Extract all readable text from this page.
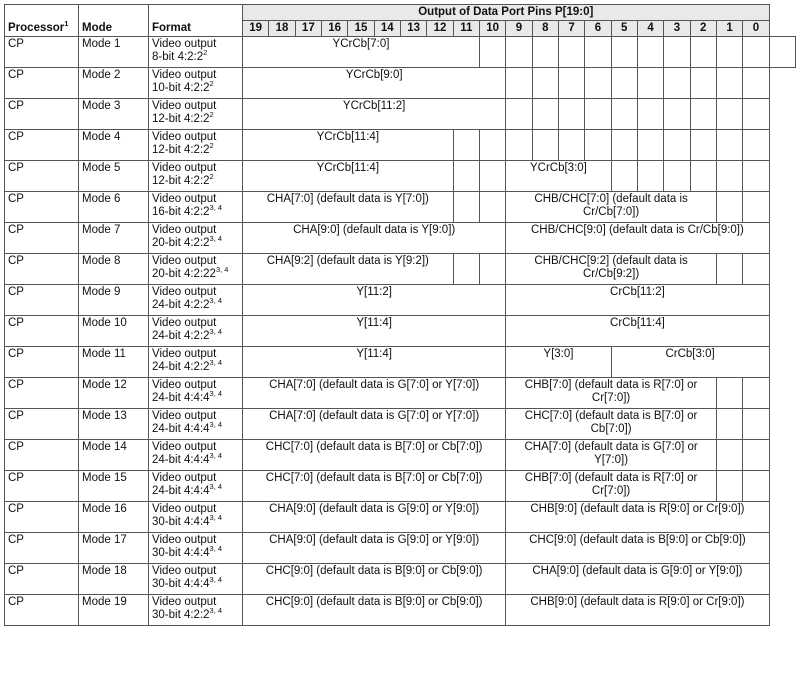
Processor$^1$	Mode	Format	Output of Data Port Pins P[19:0]																				
			19	18	17	16	15	14	13	12	11	10	9	8	7	6	5	4	3	2	1	0	
CP	Mode 1	Video output
8-bit $4:2:2^2$	YCrCb[7:0]																				
CP	Mode 2	Video output
10-bit $4:2:2^2$	YCrCb[9:0]																				
CP	Mode 3	Video output
12-bit $4:2:2^2$	YCrCb[11:2]																				
CP	Mode 4	Video output
12-bit $4:2:2^2$	YCrCb[11:4]																				
CP	Mode 5	Video output
12-bit $4:2:2^2$	YCrCb[11:4]										YCrCb[3:0]										
CP	Mode 6	Video output
16-bit 4:2:2$^{3, 4}$	CHA[7:0] (default data is Y[7:0])										CHB/CHC[7:0] (default data is Cr/Cb[7:0])										
CP	Mode 7	Video output
20-bit 4:2:2$^{3, 4}$	CHA[9:0] (default data is Y[9:0])										CHB/CHC[9:0] (default data is Cr/Cb[9:0])										
CP	Mode 8	Video output
20-bit 4:2:22$^{3, 4}$	CHA[9:2] (default data is Y[9:2])										CHB/CHC[9:2] (default data is Cr/Cb[9:2])										
CP	Mode 9	Video output
24-bit 4:2:2$^{3, 4}$	Y[11:2]										CrCb[11:2]										
CP	Mode 10	Video output
24-bit 4:2:2$^{3, 4}$	Y[11:4]										CrCb[11:4]										
CP	Mode 11	Video output
24-bit 4:2:2$^{3, 4}$	Y[11:4]										Y[3:0]				CrCb[3:0]						
CP	Mode 12	Video output
24-bit 4:4:4$^{3, 4}$	CHA[7:0] (default data is G[7:0] or Y[7:0])										CHB[7:0] (default data is R[7:0] or Cr[7:0])										
CP	Mode 13	Video output
24-bit 4:4:4$^{3, 4}$	CHA[7:0] (default data is G[7:0] or Y[7:0])										CHC[7:0] (default data is B[7:0] or Cb[7:0])										
CP	Mode 14	Video output
24-bit 4:4:4$^{3, 4}$	CHC[7:0] (default data is B[7:0] or Cb[7:0])										CHA[7:0] (default data is G[7:0] or Y[7:0])										
CP	Mode 15	Video output
24-bit 4:4:4$^{3, 4}$	CHC[7:0] (default data is B[7:0] or Cb[7:0])										CHB[7:0] (default data is R[7:0] or Cr[7:0])										
CP	Mode 16	Video output
30-bit 4:4:4$^{3, 4}$	CHA[9:0] (default data is G[9:0] or Y[9:0])										CHB[9:0] (default data is R[9:0] or Cr[9:0])										
CP	Mode 17	Video output
30-bit 4:4:4$^{3, 4}$	CHA[9:0] (default data is G[9:0] or Y[9:0])										CHC[9:0] (default data is B[9:0] or Cb[9:0])										
CP	Mode 18	Video output
30-bit 4:4:4$^{3, 4}$	CHC[9:0] (default data is B[9:0] or Cb[9:0])										CHA[9:0] (default data is G[9:0] or Y[9:0])										
CP	Mode 19	Video output
30-bit 4:2:2$^{3, 4}$	CHC[9:0] (default data is B[9:0] or Cb[9:0])										CHB[9:0] (default data is R[9:0] or Cr[9:0])										
